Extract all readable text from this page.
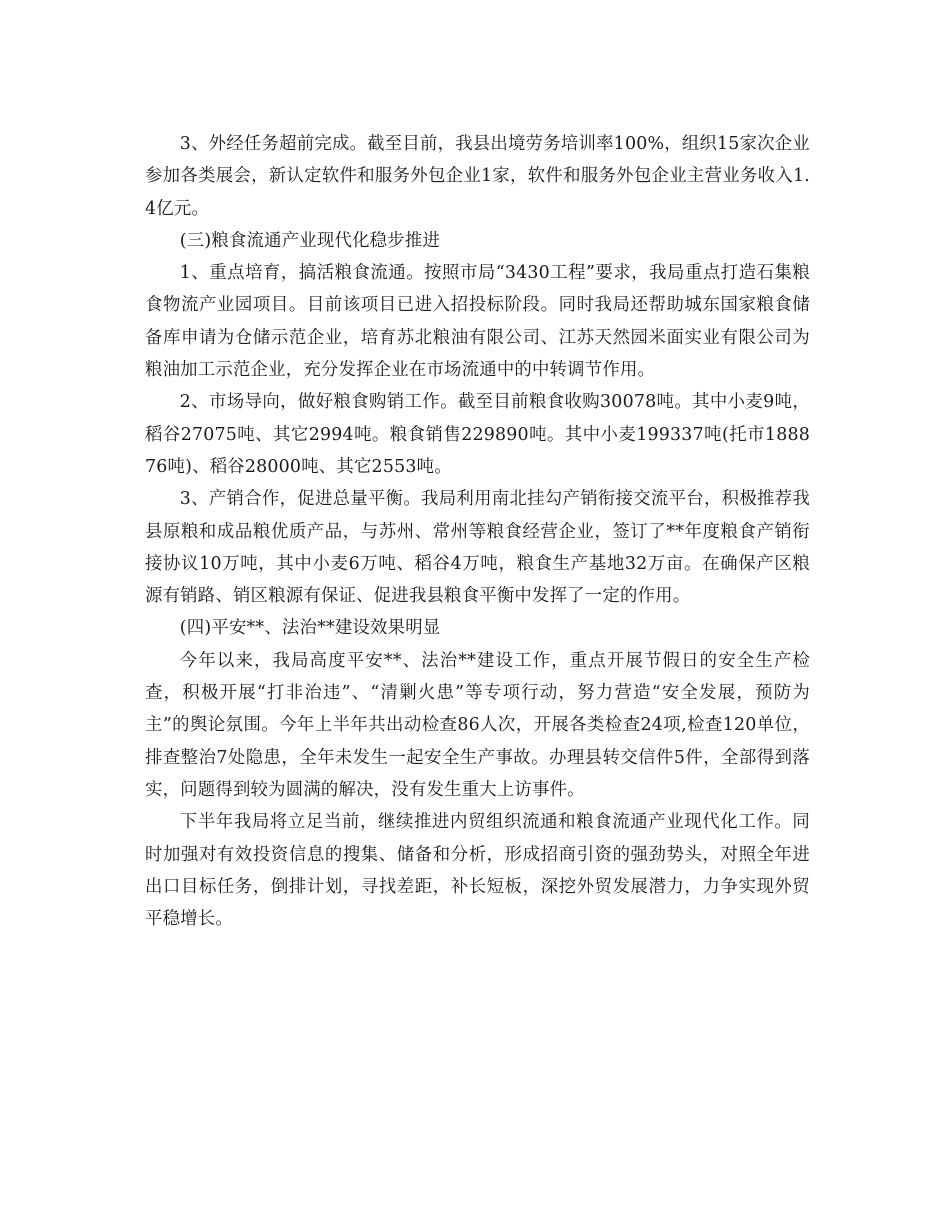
3、外经任务超前完成。截至目前，我县出境劳务培训率100%，组织15家次企业参加各类展会，新认定软件和服务外包企业1家，软件和服务外包企业主营业务收入1.4亿元。

(三)粮食流通产业现代化稳步推进

1、重点培育，搞活粮食流通。按照市局“3430工程”要求，我局重点打造石集粮食物流产业园项目。目前该项目已进入招投标阶段。同时我局还帮助城东国家粮食储备库申请为仓储示范企业，培育苏北粮油有限公司、江苏天然园米面实业有限公司为粮油加工示范企业，充分发挥企业在市场流通中的中转调节作用。

2、市场导向，做好粮食购销工作。截至目前粮食收购30078吨。其中小麦9吨，稻谷27075吨、其它2994吨。粮食销售229890吨。其中小麦199337吨(托市188876吨)、稻谷28000吨、其它2553吨。

3、产销合作，促进总量平衡。我局利用南北挂勾产销衔接交流平台，积极推荐我县原粮和成品粮优质产品，与苏州、常州等粮食经营企业，签订了**年度粮食产销衔接协议10万吨，其中小麦6万吨、稻谷4万吨，粮食生产基地32万亩。在确保产区粮源有销路、销区粮源有保证、促进我县粮食平衡中发挥了一定的作用。

(四)平安**、法治**建设效果明显

今年以来，我局高度平安**、法治**建设工作，重点开展节假日的安全生产检查，积极开展“打非治违”、“清剿火患”等专项行动，努力营造“安全发展，预防为主”的舆论氛围。今年上半年共出动检查86人次，开展各类检查24项,检查120单位，排查整治7处隐患，全年未发生一起安全生产事故。办理县转交信件5件，全部得到落实，问题得到较为圆满的解决，没有发生重大上访事件。

下半年我局将立足当前，继续推进内贸组织流通和粮食流通产业现代化工作。同时加强对有效投资信息的搜集、储备和分析，形成招商引资的强劲势头，对照全年进出口目标任务，倒排计划，寻找差距，补长短板，深挖外贸发展潜力，力争实现外贸平稳增长。
